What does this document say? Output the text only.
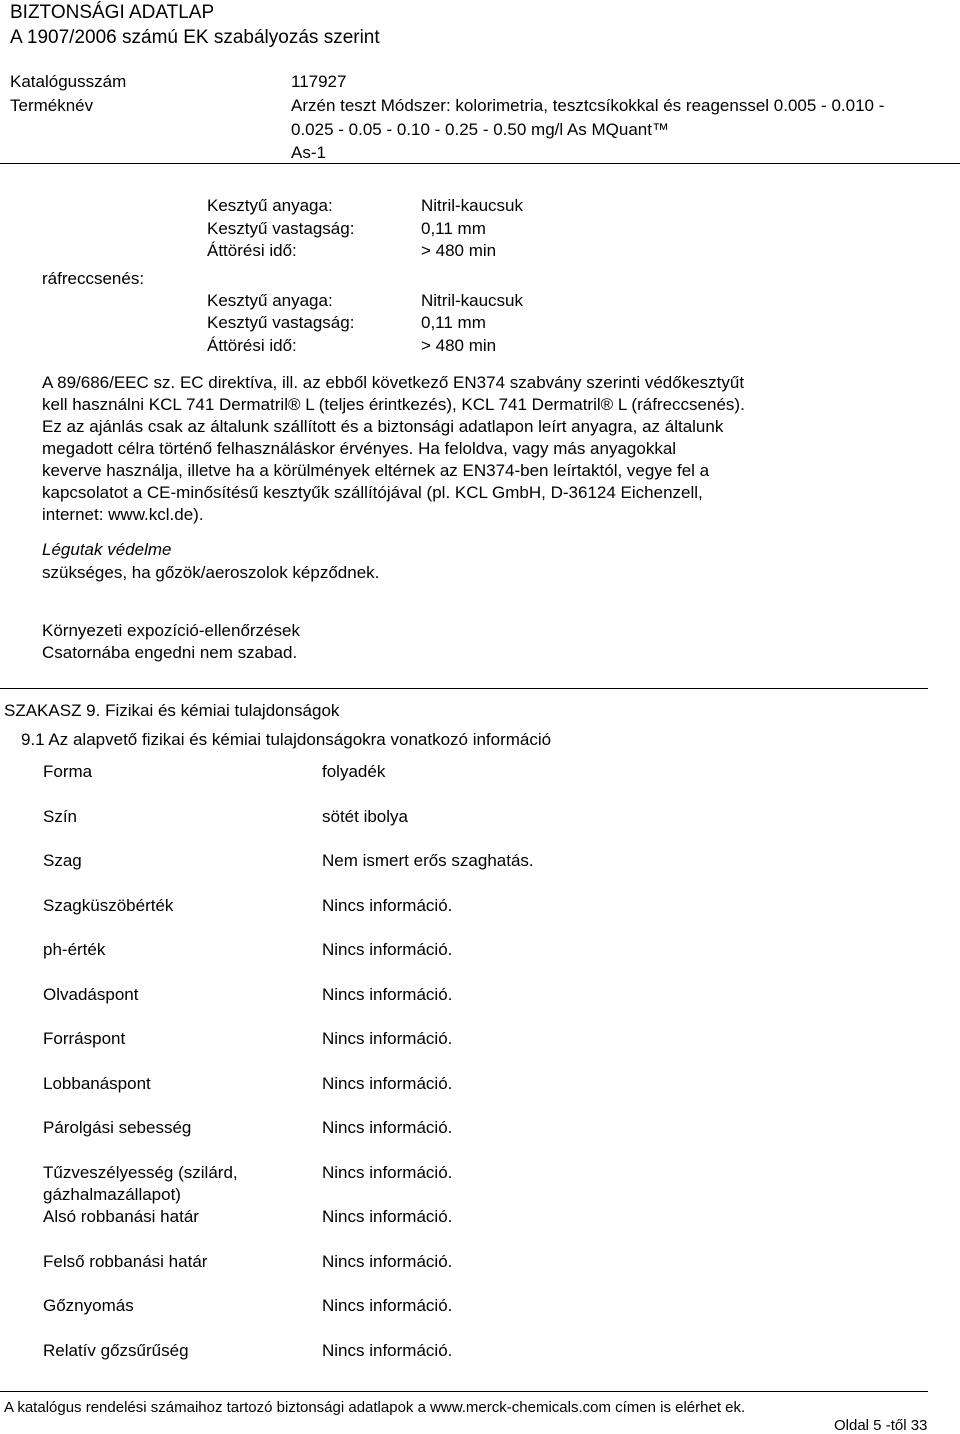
BIZTONSÁGI ADATLAP
A 1907/2006 számú EK szabályozás szerint
Katalógusszám	117927
Terméknév	Arzén teszt Módszer: kolorimetria, tesztcsíkokkal és reagenssel 0.005 - 0.010 -
0.025 - 0.05 - 0.10 - 0.25 - 0.50 mg/l As MQuant™
As-1
ráfreccsenés:
Kesztyű anyaga:	Nitril-kaucsuk
Kesztyű vastagság:	0,11 mm
Áttörési idő:	> 480 min
Kesztyű anyaga:	Nitril-kaucsuk
Kesztyű vastagság:	0,11 mm
Áttörési idő:	> 480 min
A 89/686/EEC sz. EC direktíva, ill. az ebből következő EN374 szabvány szerinti védőkesztyűt
kell használni KCL 741 Dermatril® L (teljes érintkezés), KCL 741 Dermatril® L (ráfreccsenés).
Ez az ajánlás csak az általunk szállított és a biztonsági adatlapon leírt anyagra, az általunk
megadott célra történő felhasználáskor érvényes. Ha feloldva, vagy más anyagokkal
keverve használja, illetve ha a körülmények eltérnek az EN374-ben leírtaktól, vegye fel a
kapcsolatot a CE-minősítésű kesztyűk szállítójával (pl. KCL GmbH, D-36124 Eichenzell,
internet: www.kcl.de).
Légutak védelme
szükséges, ha gőzök/aeroszolok képződnek.
Környezeti expozíció-ellenőrzések
Csatornába engedni nem szabad.
SZAKASZ 9. Fizikai és kémiai tulajdonságok
9.1 Az alapvető fizikai és kémiai tulajdonságokra vonatkozó információ
Forma	folyadék
Szín	sötét ibolya
Szag	Nem ismert erős szaghatás.
Szagküszöbérték	Nincs információ.
ph-érték	Nincs információ.
Olvadáspont	Nincs információ.
Forráspont	Nincs információ.
Lobbanáspont	Nincs információ.
Párolgási sebesség	Nincs információ.
Tűzveszélyesség (szilárd,
gázhalmazállapot)
Nincs információ.
Alsó robbanási határ	Nincs információ.
Felső robbanási határ	Nincs információ.
Gőznyomás	Nincs információ.
Relatív gőzsűrűség	Nincs információ.
A katalógus rendelési számaihoz tartozó biztonsági adatlapok a www.merck-chemicals.com címen is elérhet ek.
Oldal 5 -től 33
